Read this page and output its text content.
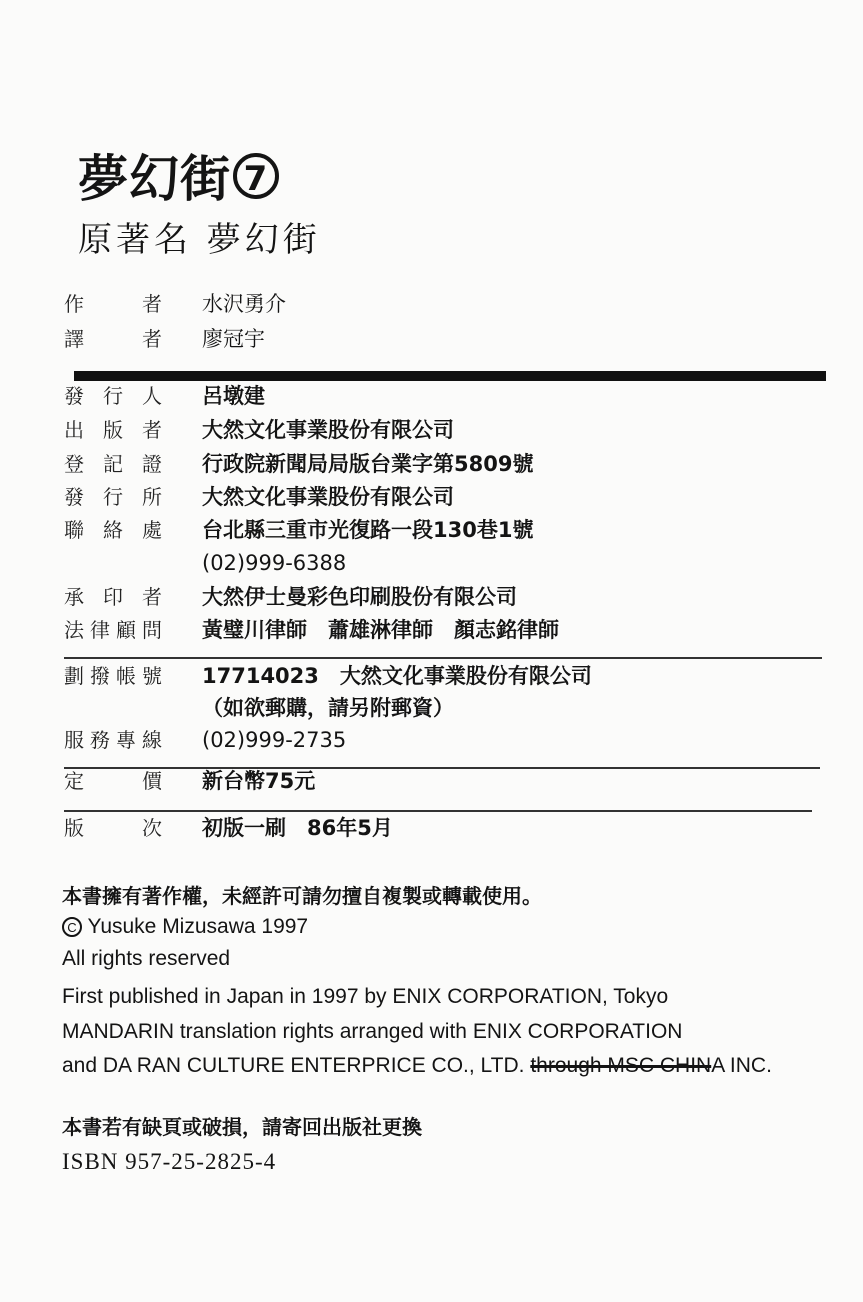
夢幻街 7
原著名 夢幻街
作者 水沢勇介
譯者 廖冠宇
發行人 呂墩建
出版者 大然文化事業股份有限公司
登記證 行政院新聞局局版台業字第5809號
發行所 大然文化事業股份有限公司
聯絡處 台北縣三重市光復路一段130巷1號
(02)999-6388
承印者 大然伊士曼彩色印刷股份有限公司
法律顧問 黃璧川律師　蕭雄淋律師　顏志銘律師
劃撥帳號 17714023　大然文化事業股份有限公司
（如欲郵購，請另附郵資）
服務專線 (02)999-2735
定價 新台幣75元
版次 初版一刷　86年5月
本書擁有著作權，未經許可請勿擅自複製或轉載使用。
C Yusuke Mizusawa 1997
All rights reserved
First published in Japan in 1997 by ENIX CORPORATION, Tokyo
MANDARIN translation rights arranged with ENIX CORPORATION
and DA RAN CULTURE ENTERPRICE CO., LTD. through MSC CHINA INC.
本書若有缺頁或破損，請寄回出版社更換
ISBN 957-25-2825-4
